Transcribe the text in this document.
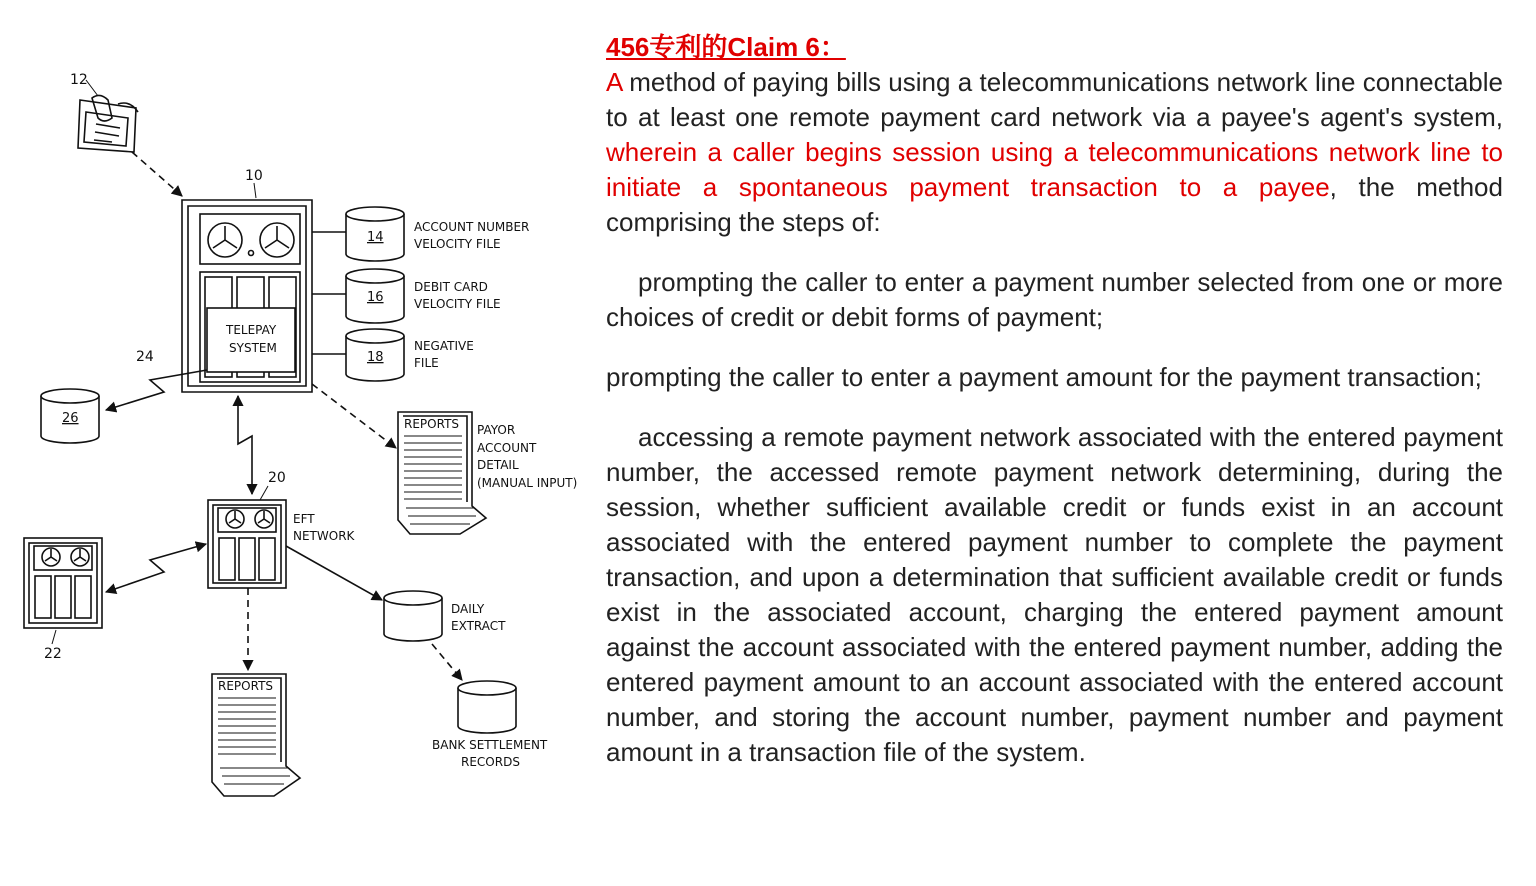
12
10
TELEPAY
SYSTEM
14
ACCOUNT NUMBER
VELOCITY FILE
16
DEBIT CARD
VELOCITY FILE
18
NEGATIVE
FILE
24
26	REPORTS PAYOR
ACCOUNT
DETAIL
(MANUAL INPUT)
20
EFT
NETWORK
22
DAILY
EXTRACT
BANK SETTLEMENT
RECORDS
REPORTS
456专利的Claim 6：

A method of paying bills using a telecommunications network line connectable to at least one remote payment card network via a payee's agent's system, wherein a caller begins session using a telecommunications network line to initiate a spontaneous payment transaction to a payee, the method comprising the steps of:

prompting the caller to enter a payment number selected from one or more choices of credit or debit forms of payment;

prompting the caller to enter a payment amount for the payment transaction;

accessing a remote payment network associated with the entered payment number, the accessed remote payment network determining, during the session, whether sufficient available credit or funds exist in an account associated with the entered payment number to complete the payment transaction, and upon a determination that sufficient available credit or funds exist in the associated account, charging the entered payment amount against the account associated with the entered payment number, adding the entered payment amount to an account associated with the entered account number, and storing the account number, payment number and payment amount in a transaction file of the system.
